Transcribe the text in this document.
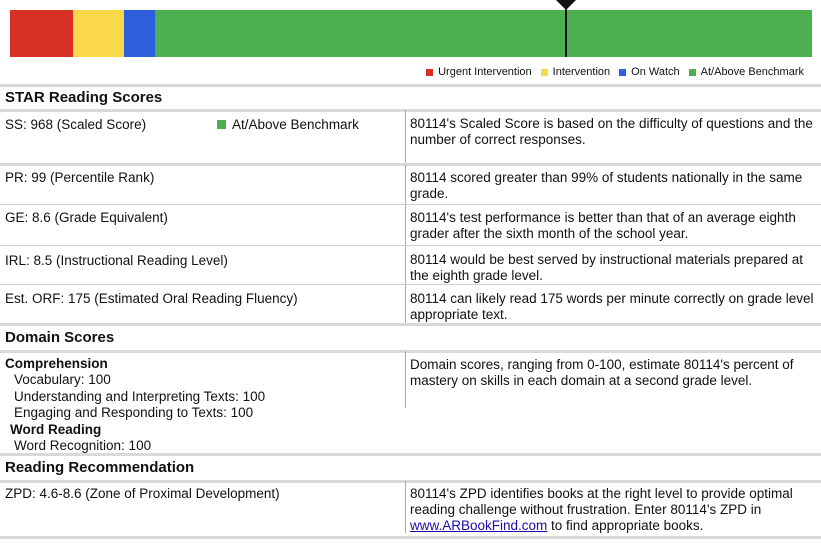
Urgent Intervention Intervention On Watch At/Above Benchmark
STAR Reading Scores
SS: 968 (Scaled Score)	At/Above Benchmark	80114's Scaled Score is based on the difficulty of questions and the number of correct responses.
PR: 99 (Percentile Rank)	80114 scored greater than 99% of students nationally in the same grade.
GE: 8.6 (Grade Equivalent)	80114's test performance is better than that of an average eighth grader after the sixth month of the school year.
IRL: 8.5 (Instructional Reading Level)	80114 would be best served by instructional materials prepared at the eighth grade level.
Est. ORF: 175 (Estimated Oral Reading Fluency)	80114 can likely read 175 words per minute correctly on grade level appropriate text.
Domain Scores
Comprehension
Vocabulary: 100
Understanding and Interpreting Texts: 100
Engaging and Responding to Texts: 100
Word Reading
Word Recognition: 100
Domain scores, ranging from 0-100, estimate 80114's percent of mastery on skills in each domain at a second grade level.
Reading Recommendation
ZPD: 4.6-8.6 (Zone of Proximal Development)	80114's ZPD identifies books at the right level to provide optimal reading challenge without frustration. Enter 80114's ZPD in www.ARBookFind.com to find appropriate books.
